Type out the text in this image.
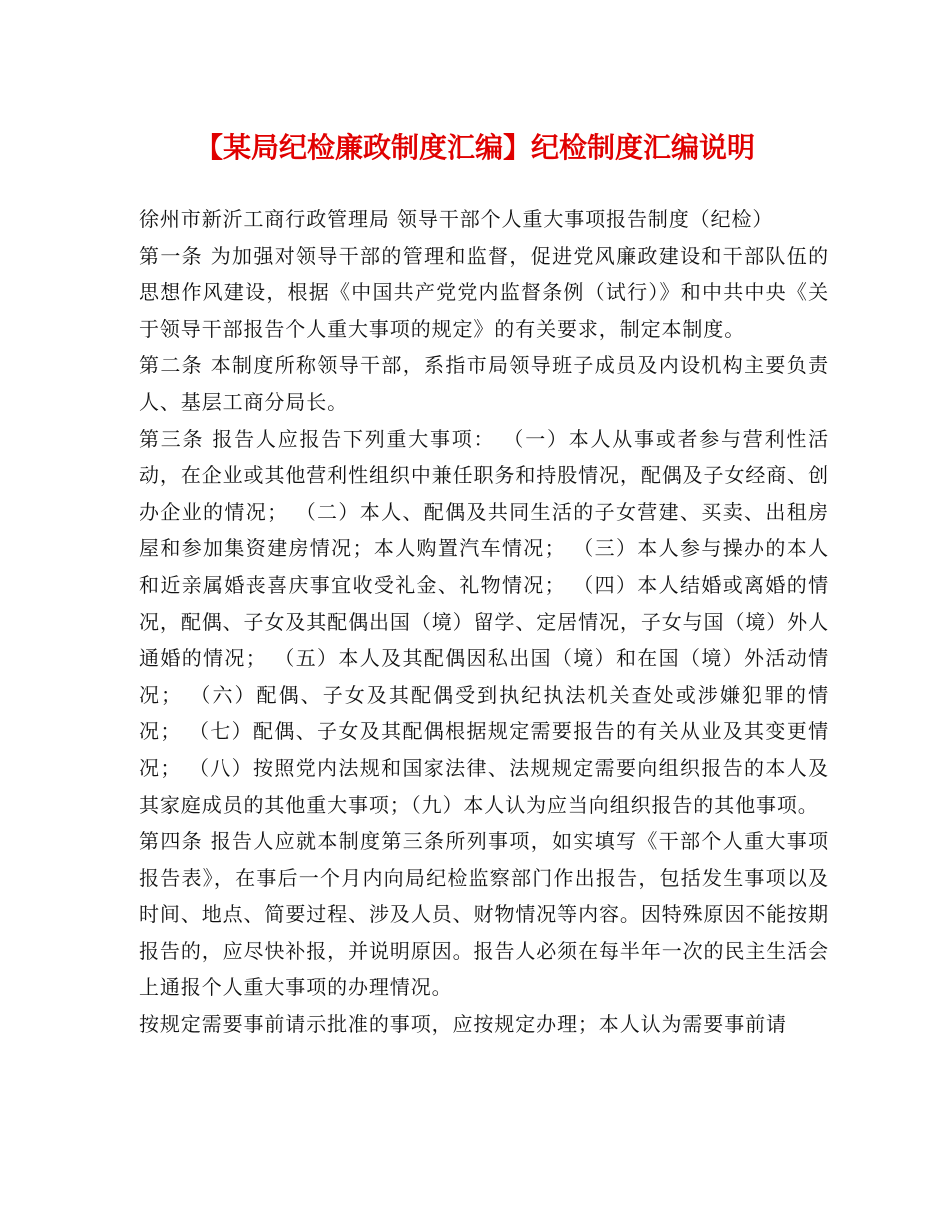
【某局纪检廉政制度汇编】纪检制度汇编说明

徐州市新沂工商行政管理局 领导干部个人重大事项报告制度（纪检）

第一条 为加强对领导干部的管理和监督，促进党风廉政建设和干部队伍的思想作风建设，根据《中国共产党党内监督条例（试行）》和中共中央《关于领导干部报告个人重大事项的规定》的有关要求，制定本制度。

第二条 本制度所称领导干部，系指市局领导班子成员及内设机构主要负责人、基层工商分局长。

第三条 报告人应报告下列重大事项： （一）本人从事或者参与营利性活动，在企业或其他营利性组织中兼任职务和持股情况，配偶及子女经商、创办企业的情况； （二）本人、配偶及共同生活的子女营建、买卖、出租房屋和参加集资建房情况；本人购置汽车情况； （三）本人参与操办的本人和近亲属婚丧喜庆事宜收受礼金、礼物情况； （四）本人结婚或离婚的情况，配偶、子女及其配偶出国（境）留学、定居情况，子女与国（境）外人通婚的情况； （五）本人及其配偶因私出国（境）和在国（境）外活动情况； （六）配偶、子女及其配偶受到执纪执法机关查处或涉嫌犯罪的情况； （七）配偶、子女及其配偶根据规定需要报告的有关从业及其变更情况； （八）按照党内法规和国家法律、法规规定需要向组织报告的本人及其家庭成员的其他重大事项；（九）本人认为应当向组织报告的其他事项。

第四条 报告人应就本制度第三条所列事项，如实填写《干部个人重大事项报告表》，在事后一个月内向局纪检监察部门作出报告，包括发生事项以及时间、地点、简要过程、涉及人员、财物情况等内容。因特殊原因不能按期报告的，应尽快补报，并说明原因。报告人必须在每半年一次的民主生活会上通报个人重大事项的办理情况。

按规定需要事前请示批准的事项，应按规定办理；本人认为需要事前请
